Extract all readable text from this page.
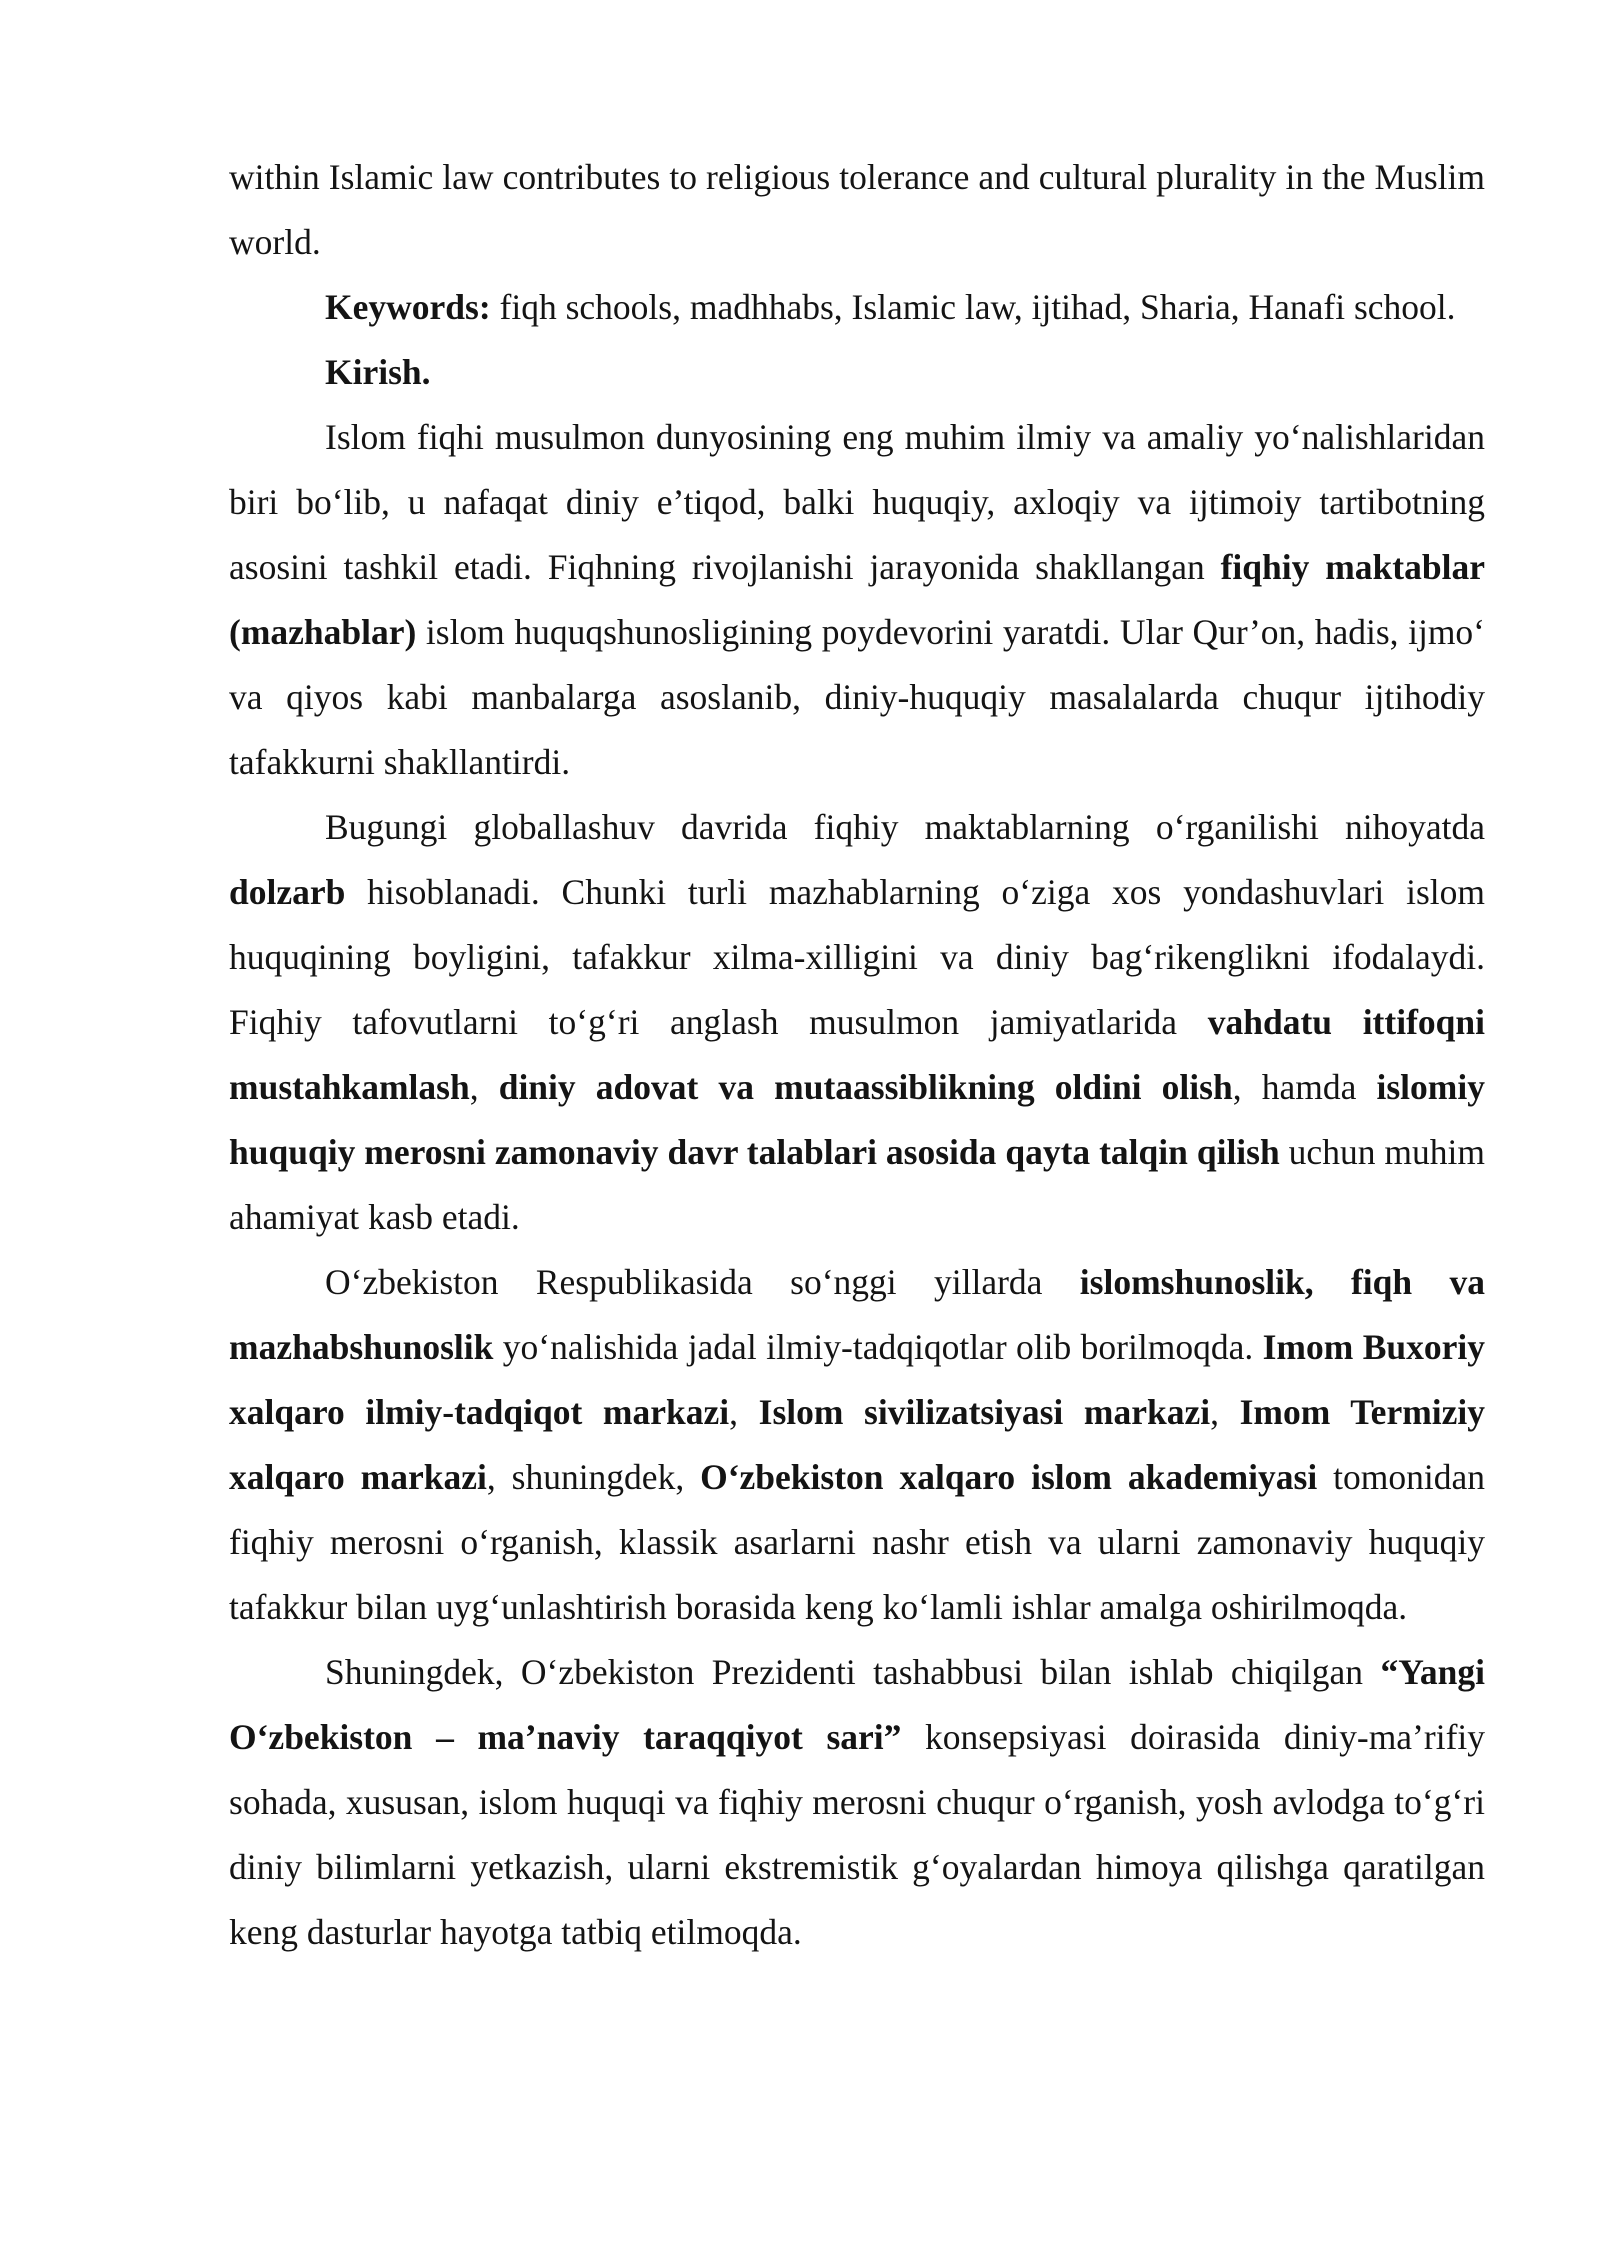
within Islamic law contributes to religious tolerance and cultural plurality in the Muslim world.

Keywords: fiqh schools, madhhabs, Islamic law, ijtihad, Sharia, Hanafi school.

Kirish.

Islom fiqhi musulmon dunyosining eng muhim ilmiy va amaliy yo‘nalishlaridan biri bo‘lib, u nafaqat diniy e’tiqod, balki huquqiy, axloqiy va ijtimoiy tartibotning asosini tashkil etadi. Fiqhning rivojlanishi jarayonida shakllangan fiqhiy maktablar (mazhablar) islom huquqshunosligining poydevorini yaratdi. Ular Qur’on, hadis, ijmo‘ va qiyos kabi manbalarga asoslanib, diniy-huquqiy masalalarda chuqur ijtihodiy tafakkurni shakllantirdi.

Bugungi globallashuv davrida fiqhiy maktablarning o‘rganilishi nihoyatda dolzarb hisoblanadi. Chunki turli mazhablarning o‘ziga xos yondashuvlari islom huquqining boyligini, tafakkur xilma-xilligini va diniy bag‘rikenglikni ifodalaydi. Fiqhiy tafovutlarni to‘g‘ri anglash musulmon jamiyatlarida vahdatu ittifoqni mustahkamlash, diniy adovat va mutaassiblikning oldini olish, hamda islomiy huquqiy merosni zamonaviy davr talablari asosida qayta talqin qilish uchun muhim ahamiyat kasb etadi.

O‘zbekiston Respublikasida so‘nggi yillarda islomshunoslik, fiqh va mazhabshunoslik yo‘nalishida jadal ilmiy-tadqiqotlar olib borilmoqda. Imom Buxoriy xalqaro ilmiy-tadqiqot markazi, Islom sivilizatsiyasi markazi, Imom Termiziy xalqaro markazi, shuningdek, O‘zbekiston xalqaro islom akademiyasi tomonidan fiqhiy merosni o‘rganish, klassik asarlarni nashr etish va ularni zamonaviy huquqiy tafakkur bilan uyg‘unlashtirish borasida keng ko‘lamli ishlar amalga oshirilmoqda.

Shuningdek, O‘zbekiston Prezidenti tashabbusi bilan ishlab chiqilgan “Yangi O‘zbekiston – ma’naviy taraqqiyot sari” konsepsiyasi doirasida diniy-ma’rifiy sohada, xususan, islom huquqi va fiqhiy merosni chuqur o‘rganish, yosh avlodga to‘g‘ri diniy bilimlarni yetkazish, ularni ekstremistik g‘oyalardan himoya qilishga qaratilgan keng dasturlar hayotga tatbiq etilmoqda.
